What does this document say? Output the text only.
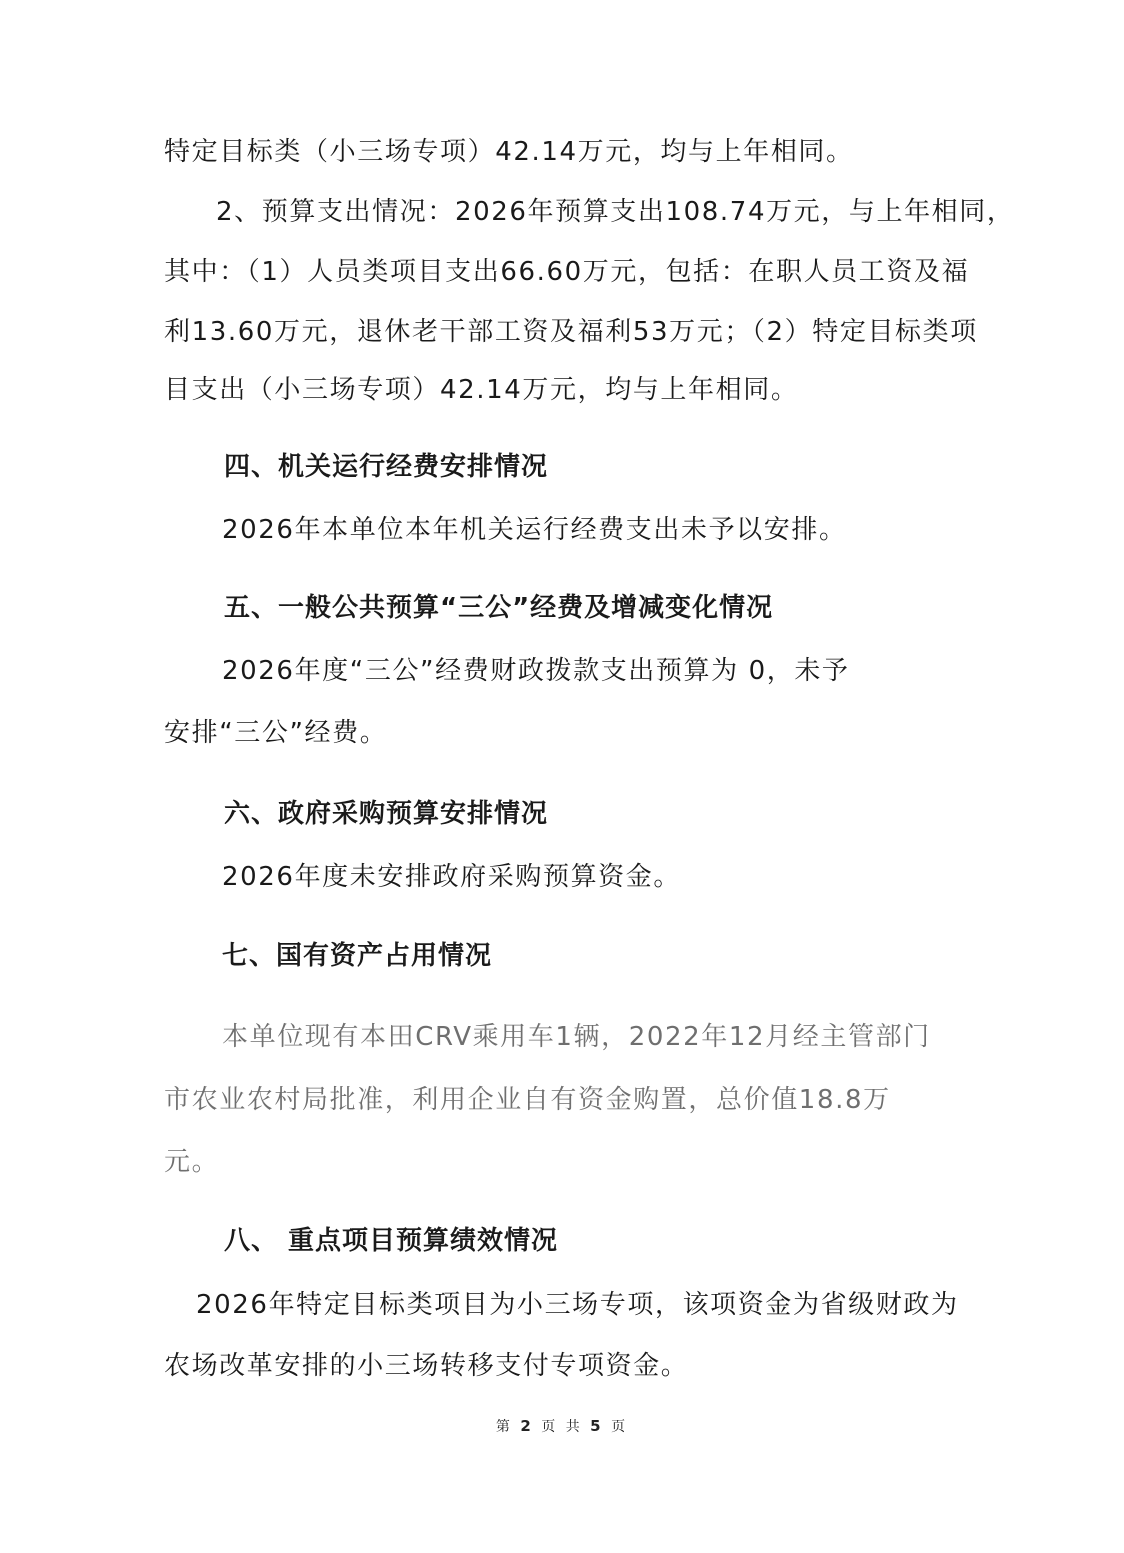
特定目标类（小三场专项）42.14万元，均与上年相同。
2、预算支出情况：2026年预算支出108.74万元，与上年相同，
其中：（1）人员类项目支出66.60万元，包括：在职人员工资及福
利13.60万元，退休老干部工资及福利53万元；（2）特定目标类项
目支出（小三场专项）42.14万元，均与上年相同。
四、机关运行经费安排情况
2026年本单位本年机关运行经费支出未予以安排。
五、一般公共预算“三公”经费及增减变化情况
2026年度“三公”经费财政拨款支出预算为 0，未予
安排“三公”经费。
六、政府采购预算安排情况
2026年度未安排政府采购预算资金。
七、国有资产占用情况
本单位现有本田CRV乘用车1辆，2022年12月经主管部门
市农业农村局批准，利用企业自有资金购置，总价值18.8万
元。
八、 重点项目预算绩效情况
2026年特定目标类项目为小三场专项，该项资金为省级财政为
农场改革安排的小三场转移支付专项资金。
第 2 页 共 5 页
